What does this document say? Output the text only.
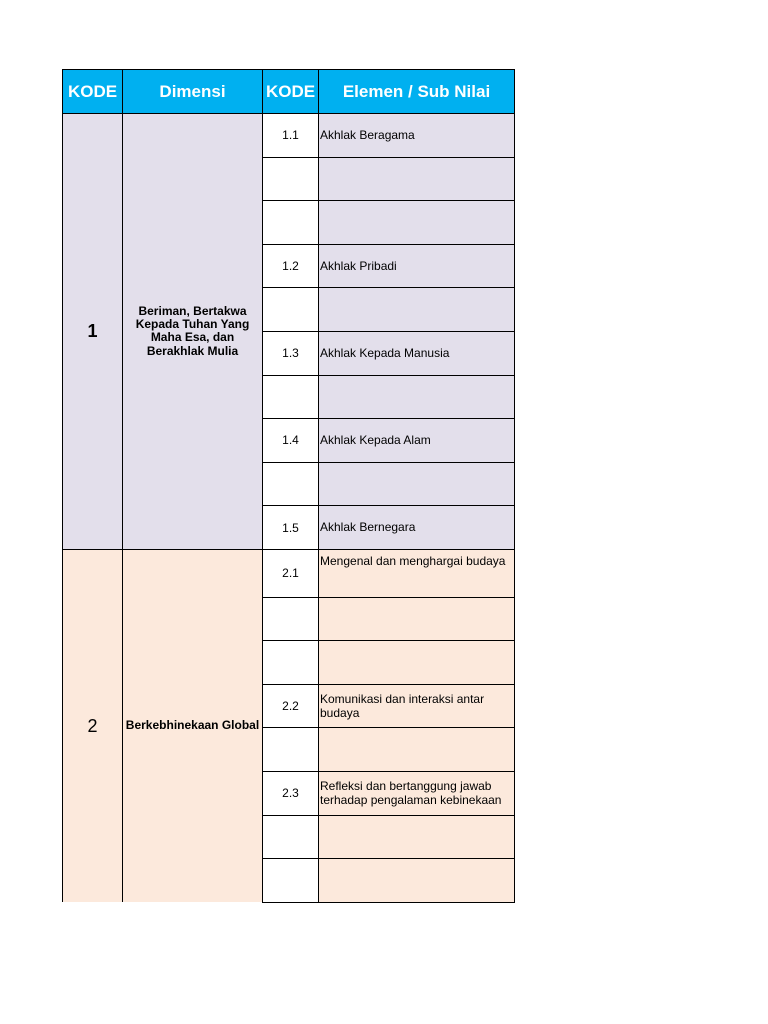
KODE	Dimensi	KODE	Elemen / Sub Nilai
1	Beriman, Bertakwa Kepada Tuhan Yang Maha Esa, dan Berakhlak Mulia	1.1	Akhlak Beragama

		1.2	Akhlak Pribadi

		1.3	Akhlak Kepada Manusia

		1.4	Akhlak Kepada Alam

		1.5	Akhlak Bernegara
2	Berkebhinekaan Global	2.1	Mengenal dan menghargai budaya

		2.2	Komunikasi dan interaksi antar budaya

		2.3	Refleksi dan bertanggung jawab terhadap pengalaman kebinekaan
